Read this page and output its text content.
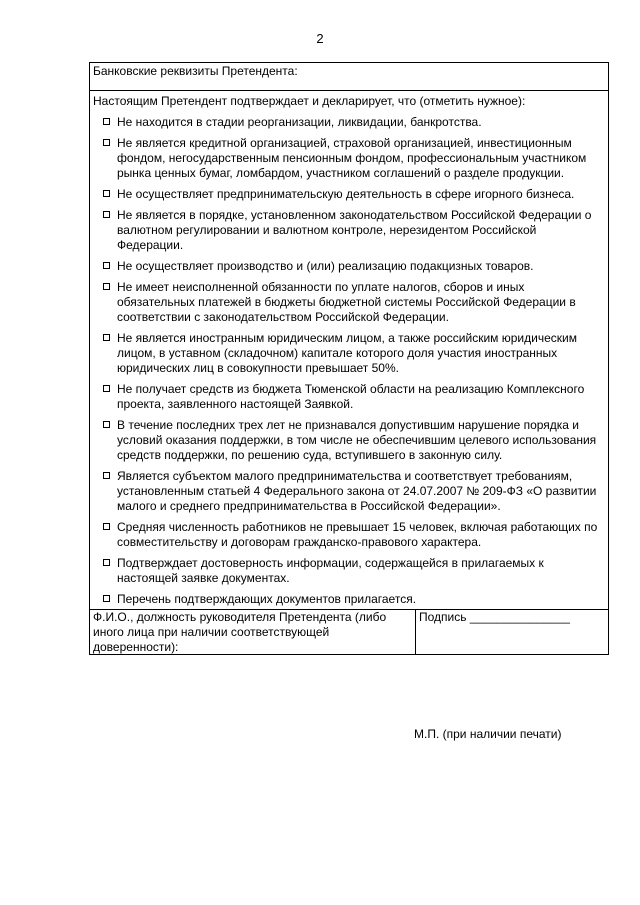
2
Банковские реквизиты Претендента:
Настоящим Претендент подтверждает и декларирует, что (отметить нужное):
Не находится в стадии реорганизации, ликвидации, банкротства.
Не является кредитной организацией, страховой организацией, инвестиционным фондом, негосударственным пенсионным фондом, профессиональным участником рынка ценных бумаг, ломбардом, участником соглашений о разделе продукции.
Не осуществляет предпринимательскую деятельность в сфере игорного бизнеса.
Не является в порядке, установленном законодательством Российской Федерации о валютном регулировании и валютном контроле, нерезидентом Российской Федерации.
Не осуществляет производство и (или) реализацию подакцизных товаров.
Не имеет неисполненной обязанности по уплате налогов, сборов и иных обязательных платежей в бюджеты бюджетной системы Российской Федерации в соответствии с законодательством Российской Федерации.
Не является иностранным юридическим лицом, а также российским юридическим лицом, в уставном (складочном) капитале которого доля участия иностранных юридических лиц в совокупности превышает 50%.
Не получает средств из бюджета Тюменской области на реализацию Комплексного проекта, заявленного настоящей Заявкой.
В течение последних трех лет не признавался допустившим нарушение порядка и условий оказания поддержки, в том числе не обеспечившим целевого использования средств поддержки, по решению суда, вступившего в законную силу.
Является субъектом малого предпринимательства и соответствует требованиям, установленным статьей 4 Федерального закона от 24.07.2007 № 209-ФЗ «О развитии малого и среднего предпринимательства в Российской Федерации».
Средняя численность работников не превышает 15 человек, включая работающих по совместительству и договорам гражданско-правового характера.
Подтверждает достоверность информации, содержащейся в прилагаемых к настоящей заявке документах.
Перечень подтверждающих документов прилагается.
Ф.И.О., должность руководителя Претендента (либо иного лица при наличии соответствующей доверенности):
Подпись _______________
М.П. (при наличии печати)
